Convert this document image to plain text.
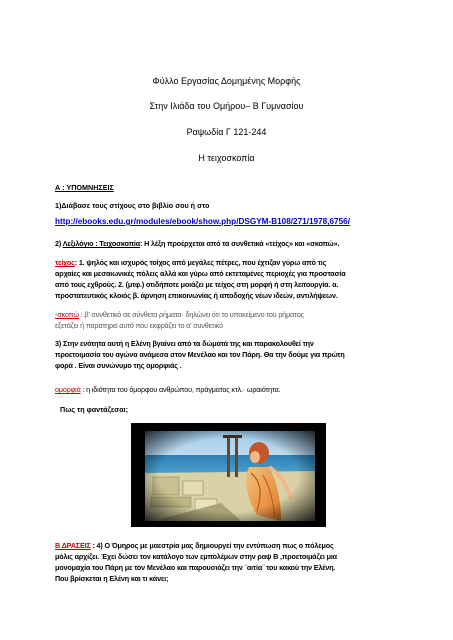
Φύλλο Εργασίας Δομημένης Μορφής
Στην Ιλιάδα του Ομήρου– Β Γυμνασίου
Ραψωδία Γ 121-244
Η τειχοσκοπία
Α : ΥΠΟΜΝΗΣΕΙΣ
1)Διάβασε τους στίχους στο βιβλίο σου ή στο
http://ebooks.edu.gr/modules/ebook/show.php/DSGYM-B108/271/1978,6756/
2) Λεξιλόγιο : Τειχοσκοπία: Η λέξη προέρχεται από τα συνθετικά «τείχος» και «σκοπώ».
τείχος: 1. ψηλός και ισχυρός τοίχος από μεγάλες πέτρες, που έχτιζαν γύρω από τις
αρχαίες και μεσαιωνικές πόλεις αλλά και γύρω από εκτεταμένες περιοχές για προστασία
από τους εχθρούς. 2. (μτφ.) οτιδήποτε μοιάζει με τείχος στη μορφή ή στη λειτουργία. α.
προστατευτικός κλοιός β. άρνηση επικοινωνίας ή αποδοχής νέων ιδεών, αντιλήψεων.
-σκοπώ : β' συνθετικό σε σύνθετα ρήματα· δηλώνει ότι το υποκείμενο του ρήματος
εξετάζει ή παρατηρεί αυτό που εκφράζει το α' συνθετικό
3) Στην ενότητα αυτή η Ελένη βγαίνει από τα δώματά της και παρακολουθεί την
προετοιμασία του αγώνα ανάμεσα στον Μενέλαο και τον Πάρη. Θα την δούμε για πρώτη
φορά . Είναι συνώνυμο της ομορφιάς .
ομορφιά : η ιδιότητα του όμορφου ανθρώπου, πράγματος κτλ.· ωραιότητα.
Πως τη φαντάζεσαι;
Β ΔΡΑΣΕΙΣ : 4) Ο Όμηρος με μαεστρία μας δημιουργεί την εντύπωση πως ο πόλεμος
μόλις αρχίζει. Έχει δώσει τον κατάλογο των εμπολέμων στην ραψ Β ,προετοιμάζει μια
μονομαχία του Πάρη με τον Μενέλαο και παρουσιάζει την ¨αιτία¨ του κακού την Ελένη.
Που βρίσκεται η Ελένη και τι κάνει;
